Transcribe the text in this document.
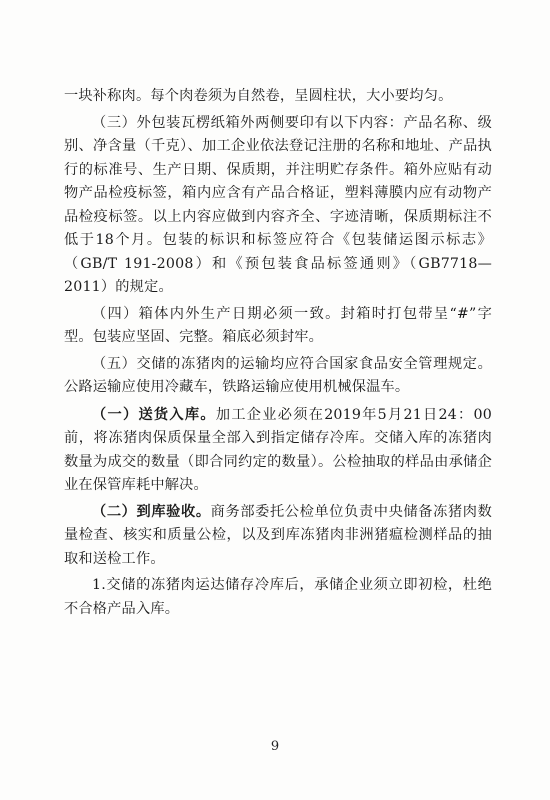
一块补称肉。每个肉卷须为自然卷，呈圆柱状，大小要均匀。

（三）外包装瓦楞纸箱外两侧要印有以下内容：产品名称、级别、净含量（千克）、加工企业依法登记注册的名称和地址、产品执行的标准号、生产日期、保质期，并注明贮存条件。箱外应贴有动物产品检疫标签，箱内应含有产品合格证，塑料薄膜内应有动物产品检疫标签。以上内容应做到内容齐全、字迹清晰，保质期标注不低于18个月。包装的标识和标签应符合《包装储运图示标志》（GB/T 191-2008）和《预包装食品标签通则》（GB7718—2011）的规定。

（四）箱体内外生产日期必须一致。封箱时打包带呈“#”字型。包装应坚固、完整。箱底必须封牢。

（五）交储的冻猪肉的运输均应符合国家食品安全管理规定。公路运输应使用冷藏车，铁路运输应使用机械保温车。

（一）送货入库。加工企业必须在2019年5月21日24：00前，将冻猪肉保质保量全部入到指定储存冷库。交储入库的冻猪肉数量为成交的数量（即合同约定的数量）。公检抽取的样品由承储企业在保管库耗中解决。

（二）到库验收。商务部委托公检单位负责中央储备冻猪肉数量检查、核实和质量公检，以及到库冻猪肉非洲猪瘟检测样品的抽取和送检工作。

1.交储的冻猪肉运达储存冷库后，承储企业须立即初检，杜绝不合格产品入库。

9
